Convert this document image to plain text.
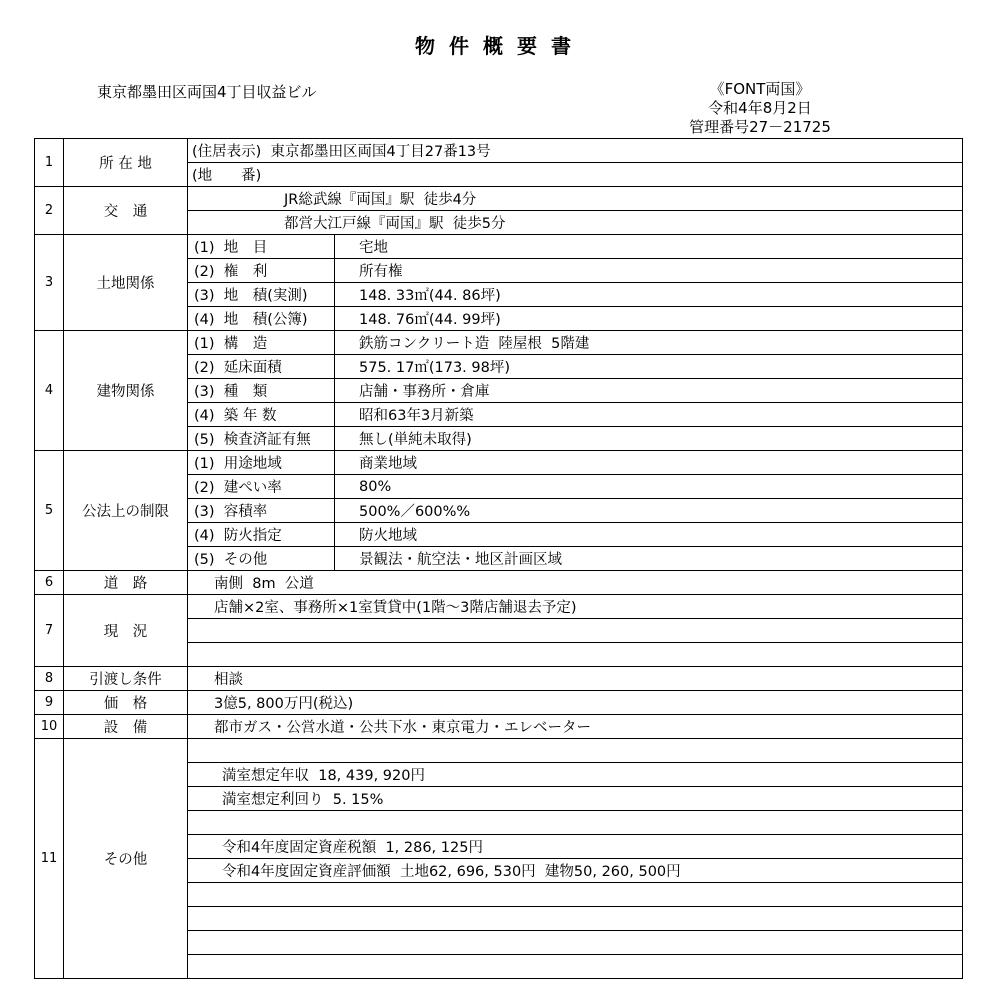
物件概要書
東京都墨田区両国4丁目収益ビル	《FONT両国》
令和4年8月2日
管理番号27－21725
1	所 在 地	(住居表示)  東京都墨田区両国4丁目27番13号	
		(地　　番)	
2	交　通	JR総武線『両国』駅  徒歩4分	
		都営大江戸線『両国』駅  徒歩5分	
3	土地関係	(1)  地　目	宅地
		(2)  権　利	所有権
		(3)  地　積(実測)	148. 33㎡(44. 86坪)
		(4)  地　積(公簿)	148. 76㎡(44. 99坪)
4	建物関係	(1)  構　造	鉄筋コンクリート造  陸屋根  5階建
		(2)  延床面積	575. 17㎡(173. 98坪)
		(3)  種　類	店舗・事務所・倉庫
		(4)  築 年 数	昭和63年3月新築
		(5)  検査済証有無	無し(単純未取得)
5	公法上の制限	(1)  用途地域	商業地域
		(2)  建ぺい率	80%
		(3)  容積率	500%／600%%
		(4)  防火指定	防火地域
		(5)  その他	景観法・航空法・地区計画区域
6	道　路	南側  8m  公道	
7	現　況	店舗×2室、事務所×1室賃貸中(1階～3階店舗退去予定)	

8	引渡し条件	相談	
9	価　格	3億5, 800万円(税込)	
10	設　備	都市ガス・公営水道・公共下水・東京電力・エレベーター	
11	その他		
		満室想定年収  18, 439, 920円	
		満室想定利回り  5. 15%	

		令和4年度固定資産税額  1, 286, 125円	
		令和4年度固定資産評価額  土地62, 696, 530円  建物50, 260, 500円	
